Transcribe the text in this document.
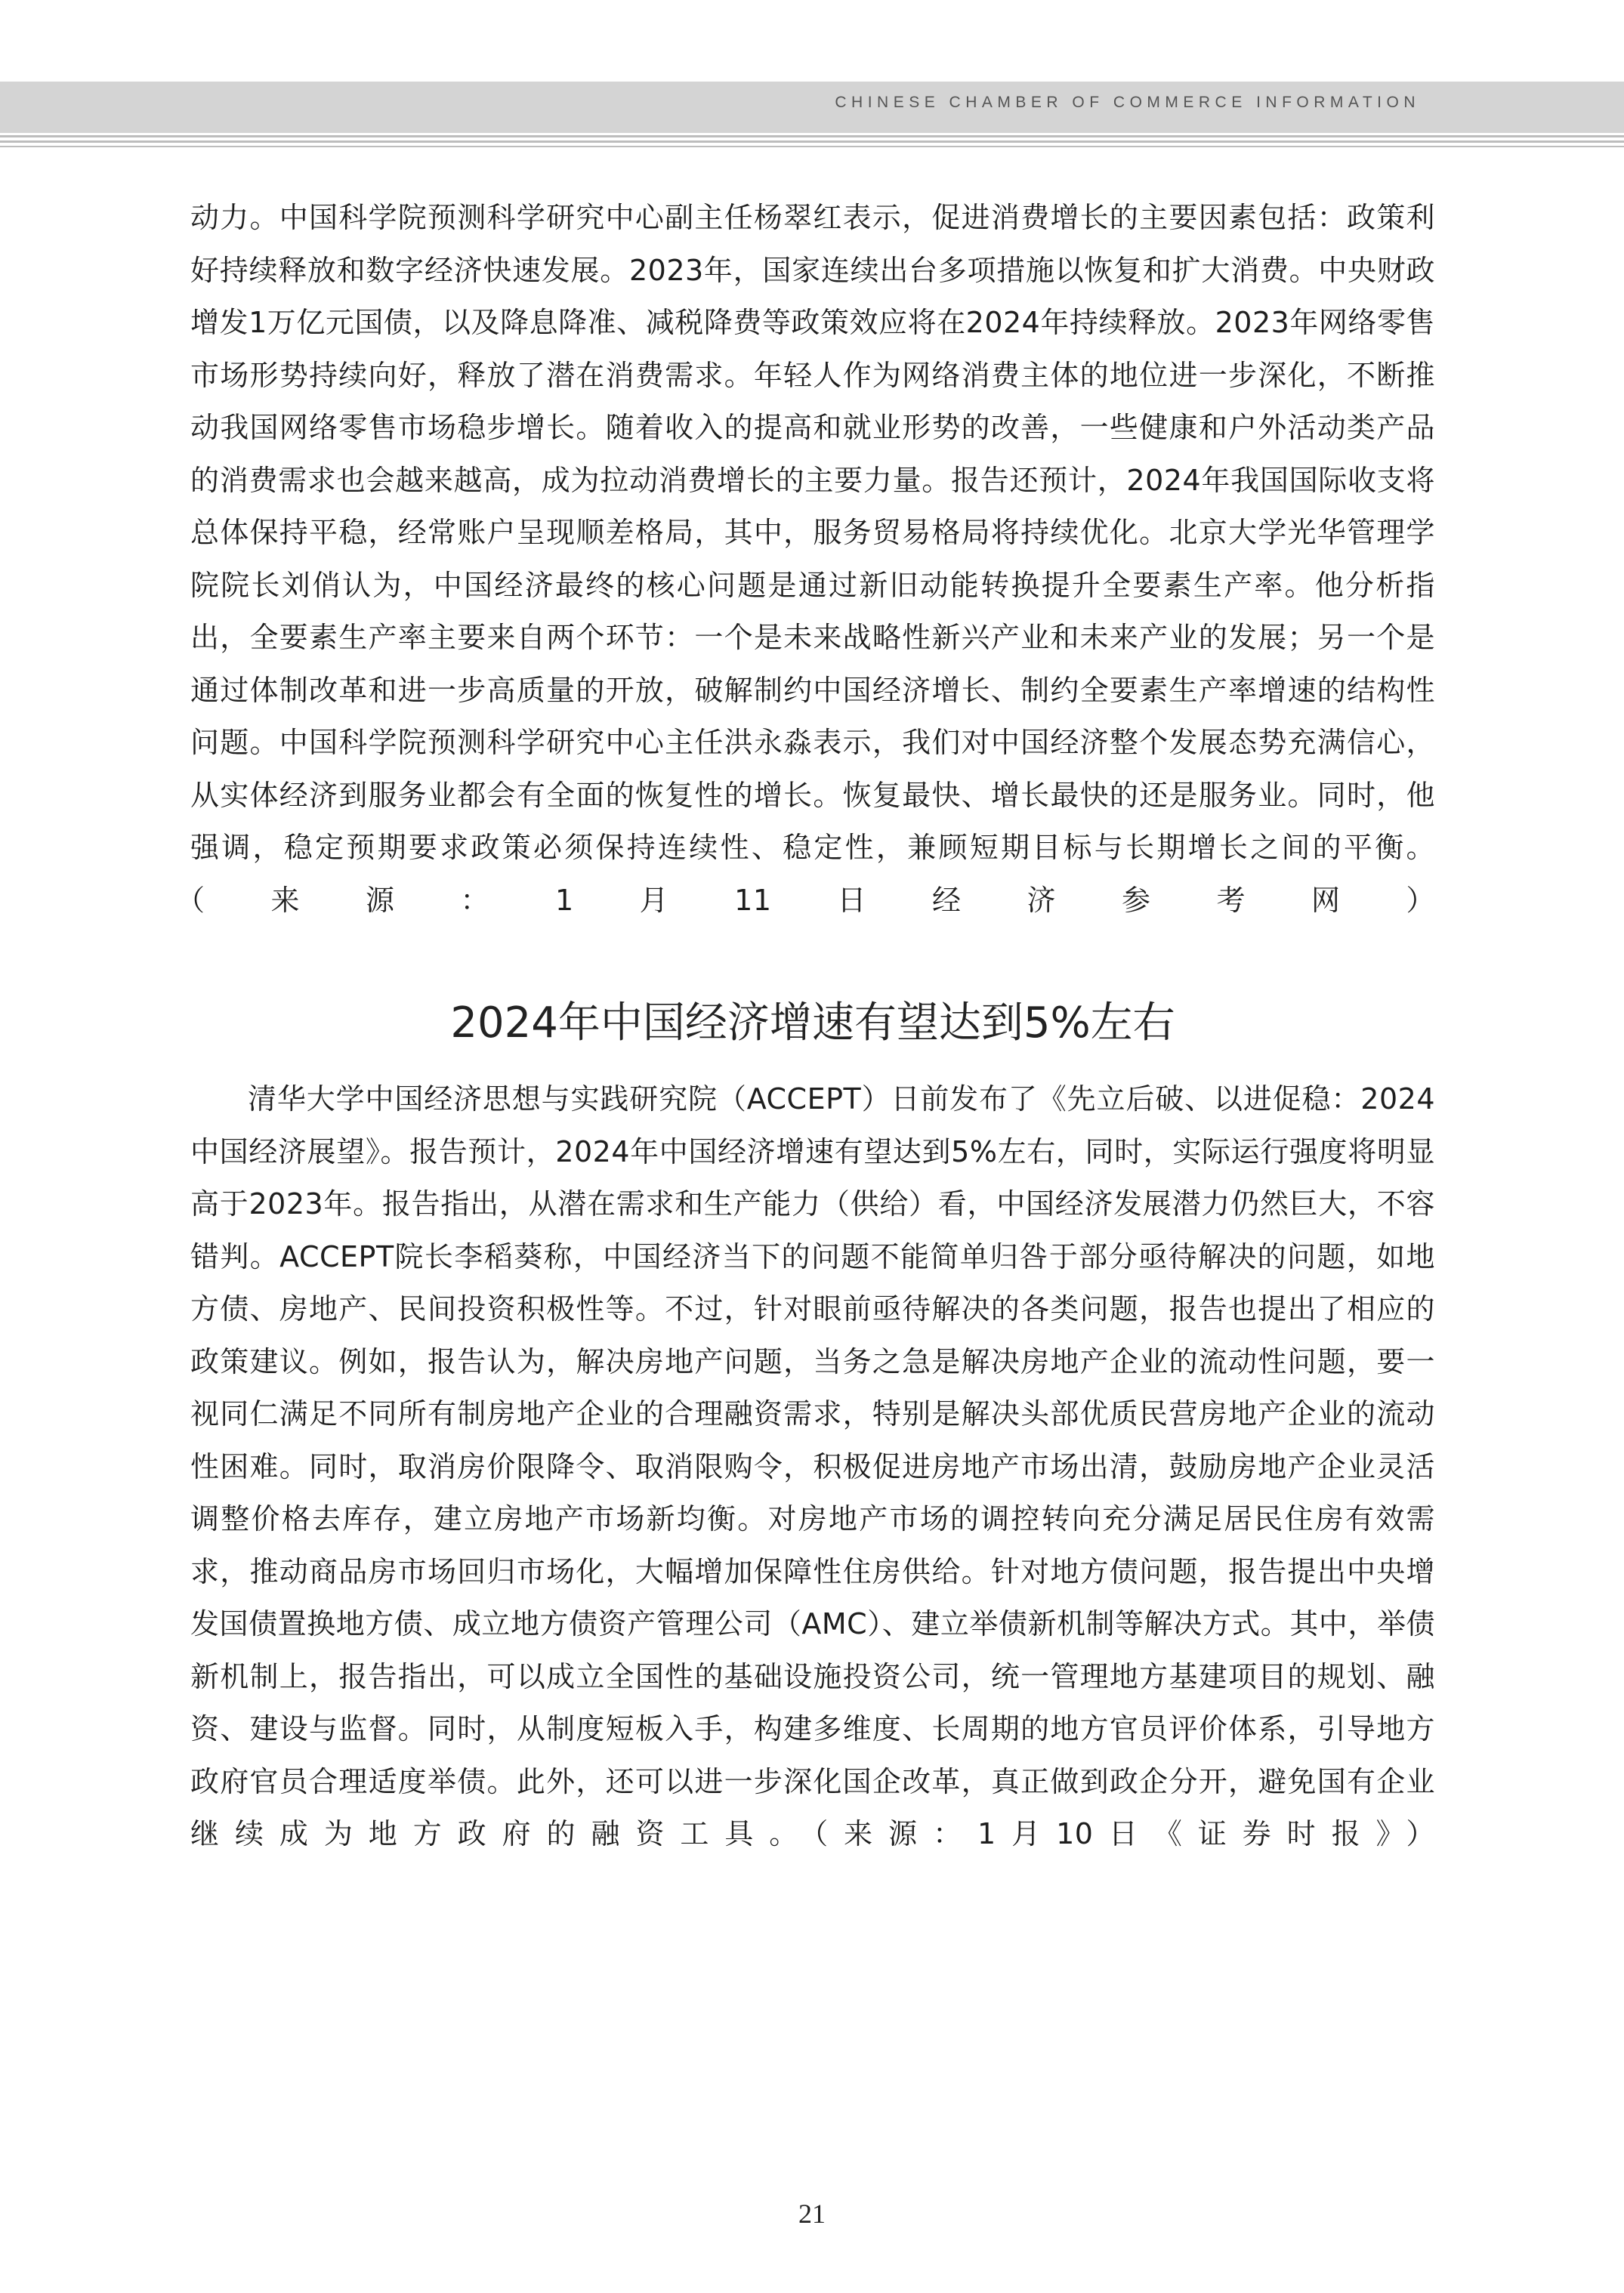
CHINESE CHAMBER OF COMMERCE INFORMATION

动力。中国科学院预测科学研究中心副主任杨翠红表示，促进消费增长的主要因素包括：政策利好持续释放和数字经济快速发展。2023年，国家连续出台多项措施以恢复和扩大消费。中央财政增发1万亿元国债，以及降息降准、减税降费等政策效应将在2024年持续释放。2023年网络零售市场形势持续向好，释放了潜在消费需求。年轻人作为网络消费主体的地位进一步深化，不断推动我国网络零售市场稳步增长。随着收入的提高和就业形势的改善，一些健康和户外活动类产品的消费需求也会越来越高，成为拉动消费增长的主要力量。报告还预计，2024年我国国际收支将总体保持平稳，经常账户呈现顺差格局，其中，服务贸易格局将持续优化。北京大学光华管理学院院长刘俏认为，中国经济最终的核心问题是通过新旧动能转换提升全要素生产率。他分析指出，全要素生产率主要来自两个环节：一个是未来战略性新兴产业和未来产业的发展；另一个是通过体制改革和进一步高质量的开放，破解制约中国经济增长、制约全要素生产率增速的结构性问题。中国科学院预测科学研究中心主任洪永淼表示，我们对中国经济整个发展态势充满信心，从实体经济到服务业都会有全面的恢复性的增长。恢复最快、增长最快的还是服务业。同时，他强调，稳定预期要求政策必须保持连续性、稳定性，兼顾短期目标与长期增长之间的平衡。（来源：1月11日经济参考网）

2024年中国经济增速有望达到5%左右

清华大学中国经济思想与实践研究院（ACCEPT）日前发布了《先立后破、以进促稳：2024中国经济展望》。报告预计，2024年中国经济增速有望达到5%左右，同时，实际运行强度将明显高于2023年。报告指出，从潜在需求和生产能力（供给）看，中国经济发展潜力仍然巨大，不容错判。ACCEPT院长李稻葵称，中国经济当下的问题不能简单归咎于部分亟待解决的问题，如地方债、房地产、民间投资积极性等。不过，针对眼前亟待解决的各类问题，报告也提出了相应的政策建议。例如，报告认为，解决房地产问题，当务之急是解决房地产企业的流动性问题，要一视同仁满足不同所有制房地产企业的合理融资需求，特别是解决头部优质民营房地产企业的流动性困难。同时，取消房价限降令、取消限购令，积极促进房地产市场出清，鼓励房地产企业灵活调整价格去库存，建立房地产市场新均衡。对房地产市场的调控转向充分满足居民住房有效需求，推动商品房市场回归市场化，大幅增加保障性住房供给。针对地方债问题，报告提出中央增发国债置换地方债、成立地方债资产管理公司（AMC）、建立举债新机制等解决方式。其中，举债新机制上，报告指出，可以成立全国性的基础设施投资公司，统一管理地方基建项目的规划、融资、建设与监督。同时，从制度短板入手，构建多维度、长周期的地方官员评价体系，引导地方政府官员合理适度举债。此外，还可以进一步深化国企改革，真正做到政企分开，避免国有企业继续成为地方政府的融资工具。（来源：1月10日《证券时报》）

21
